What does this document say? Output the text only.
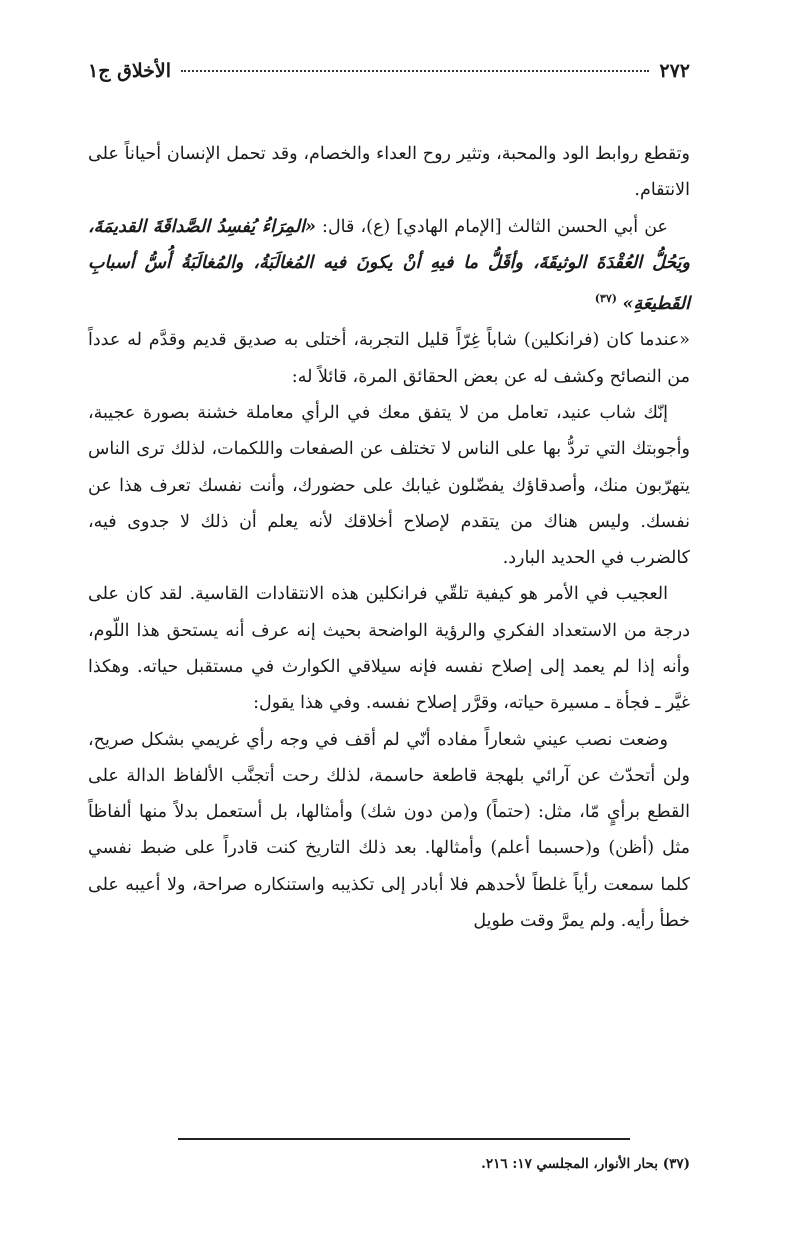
٢٧٢
الأخلاق ج١

وتقطع روابط الود والمحبة، وتثير روح العداء والخصام، وقد تحمل الإنسان أحياناً على الانتقام.

عن أبي الحسن الثالث [الإمام الهادي] (ع)، قال: «المِرَاءُ يُفسِدُ الصَّداقَةَ القديمَةَ، ويَحُلُّ العُقْدَةَ الوثيقَةَ، وأقَلُّ ما فيهِ أنْ يكونَ فيه المُغالَبَةُ، والمُغالَبَةُ أُسُّ أسبابِ القَطيعَةِ» $^{(٣٧)}$

«عندما كان (فرانكلين) شاباً غِرّاً قليل التجربة، أختلى به صديق قديم وقدَّم له عدداً من النصائح وكشف له عن بعض الحقائق المرة، قائلاً له:

إنّك شاب عنيد، تعامل من لا يتفق معك في الرأي معاملة خشنة بصورة عجيبة، وأجوبتك التي تردُّ بها على الناس لا تختلف عن الصفعات واللكمات، لذلك ترى الناس يتهرّبون منك، وأصدقاؤك يفضّلون غيابك على حضورك، وأنت نفسك تعرف هذا عن نفسك. وليس هناك من يتقدم لإصلاح أخلاقك لأنه يعلم أن ذلك لا جدوى فيه، كالضرب في الحديد البارد.

العجيب في الأمر هو كيفية تلقّي فرانكلين هذه الانتقادات القاسية. لقد كان على درجة من الاستعداد الفكري والرؤية الواضحة بحيث إنه عرف أنه يستحق هذا اللّوم، وأنه إذا لم يعمد إلى إصلاح نفسه فإنه سيلاقي الكوارث في مستقبل حياته. وهكذا غيَّر ـ فجأة ـ مسيرة حياته، وقرَّر إصلاح نفسه. وفي هذا يقول:

وضعت نصب عيني شعاراً مفاده أنّي لم أقف في وجه رأي غريمي بشكل صريح، ولن أتحدّث عن آرائي بلهجة قاطعة حاسمة، لذلك رحت أتجنَّب الألفاظ الدالة على القطع برأيٍ مّا، مثل: (حتماً) و(من دون شك) وأمثالها، بل أستعمل بدلاً منها ألفاظاً مثل (أظن) و(حسبما أعلم) وأمثالها. بعد ذلك التاريخ كنت قادراً على ضبط نفسي كلما سمعت رأياً غلطاً لأحدهم فلا أبادر إلى تكذيبه واستنكاره صراحة، ولا أعيبه على خطأ رأيه. ولم يمرَّ وقت طويل

(٣٧) بحار الأنوار، المجلسي ١٧: ٢١٦.
